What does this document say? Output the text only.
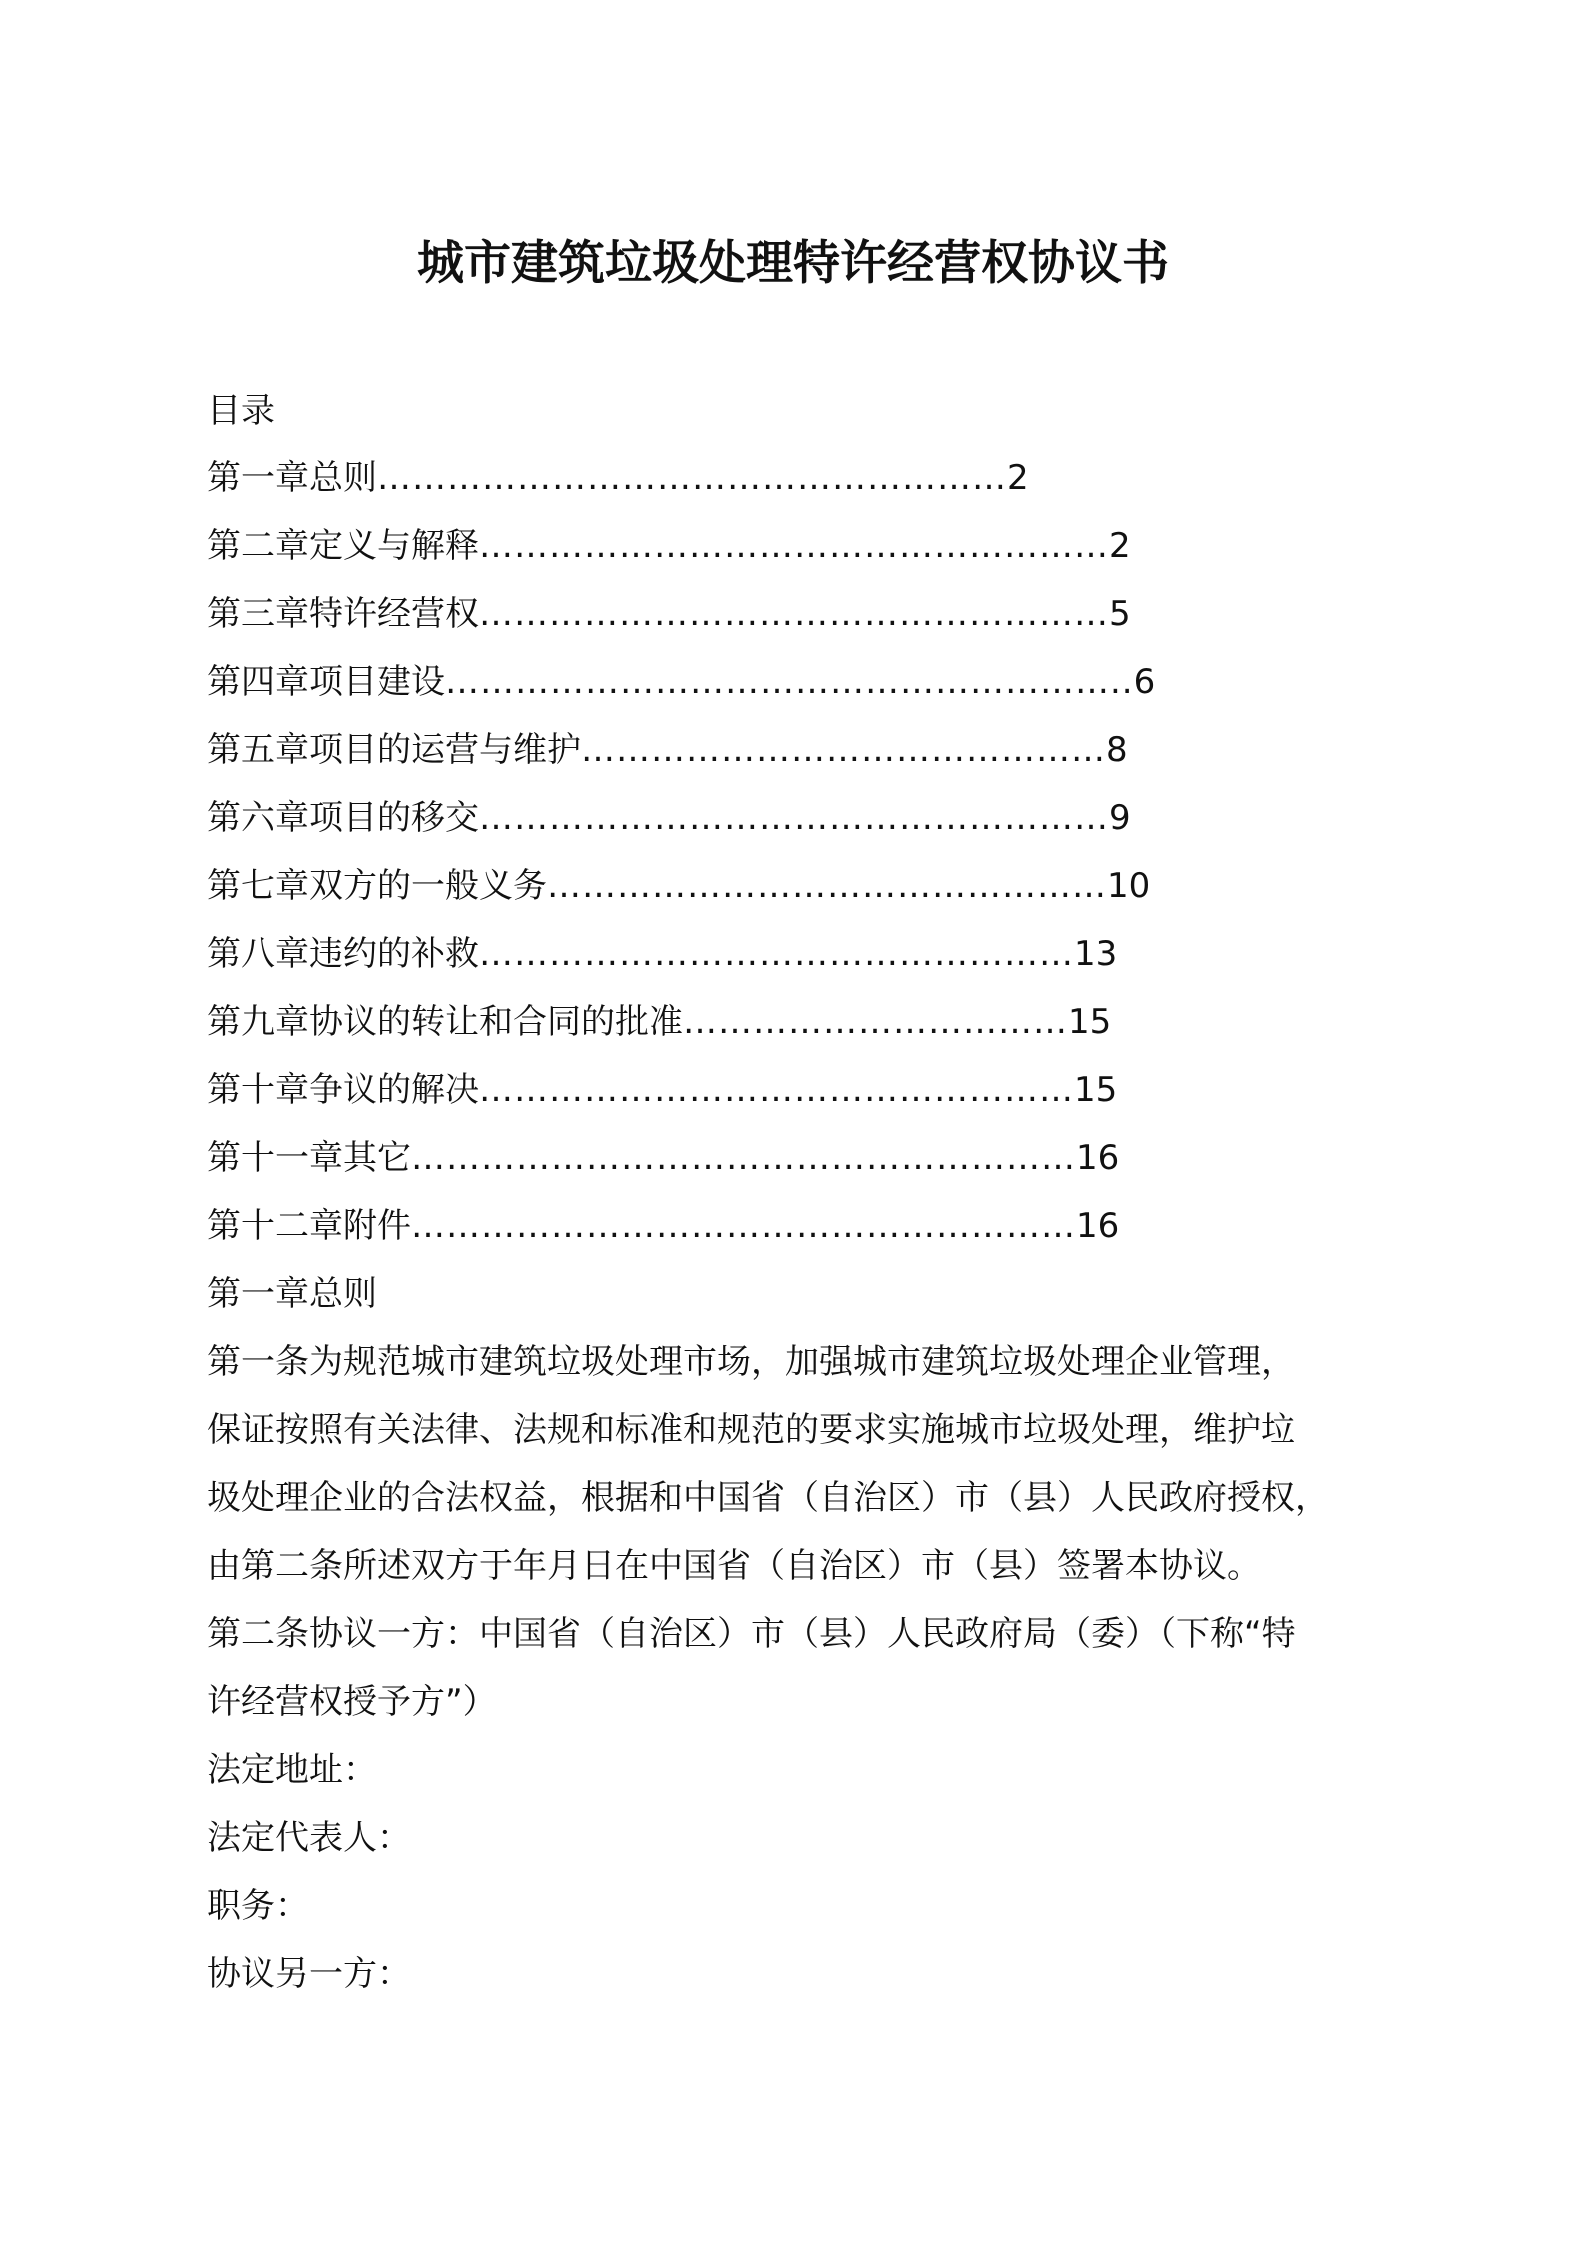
城市建筑垃圾处理特许经营权协议书
目录
第一章总则………………………………………………2
第二章定义与解释………………………………………………2
第三章特许经营权………………………………………………5
第四章项目建设…………………………………………………..6
第五章项目的运营与维护………………………………………8
第六章项目的移交………………………………………………9
第七章双方的一般义务…………………………………………10
第八章违约的补救……………………………………………13
第九章协议的转让和合同的批准……………………………15
第十章争议的解决……………………………………………15
第十一章其它…………………………………………………16
第十二章附件…………………………………………………16
第一章总则
第一条为规范城市建筑垃圾处理市场，加强城市建筑垃圾处理企业管理，
保证按照有关法律、法规和标准和规范的要求实施城市垃圾处理，维护垃
圾处理企业的合法权益，根据和中国省（自治区）市（县）人民政府授权，
由第二条所述双方于年月日在中国省（自治区）市（县）签署本协议。
第二条协议一方：中国省（自治区）市（县）人民政府局（委）（下称“特
许经营权授予方”）
法定地址：
法定代表人：
职务：
协议另一方：
